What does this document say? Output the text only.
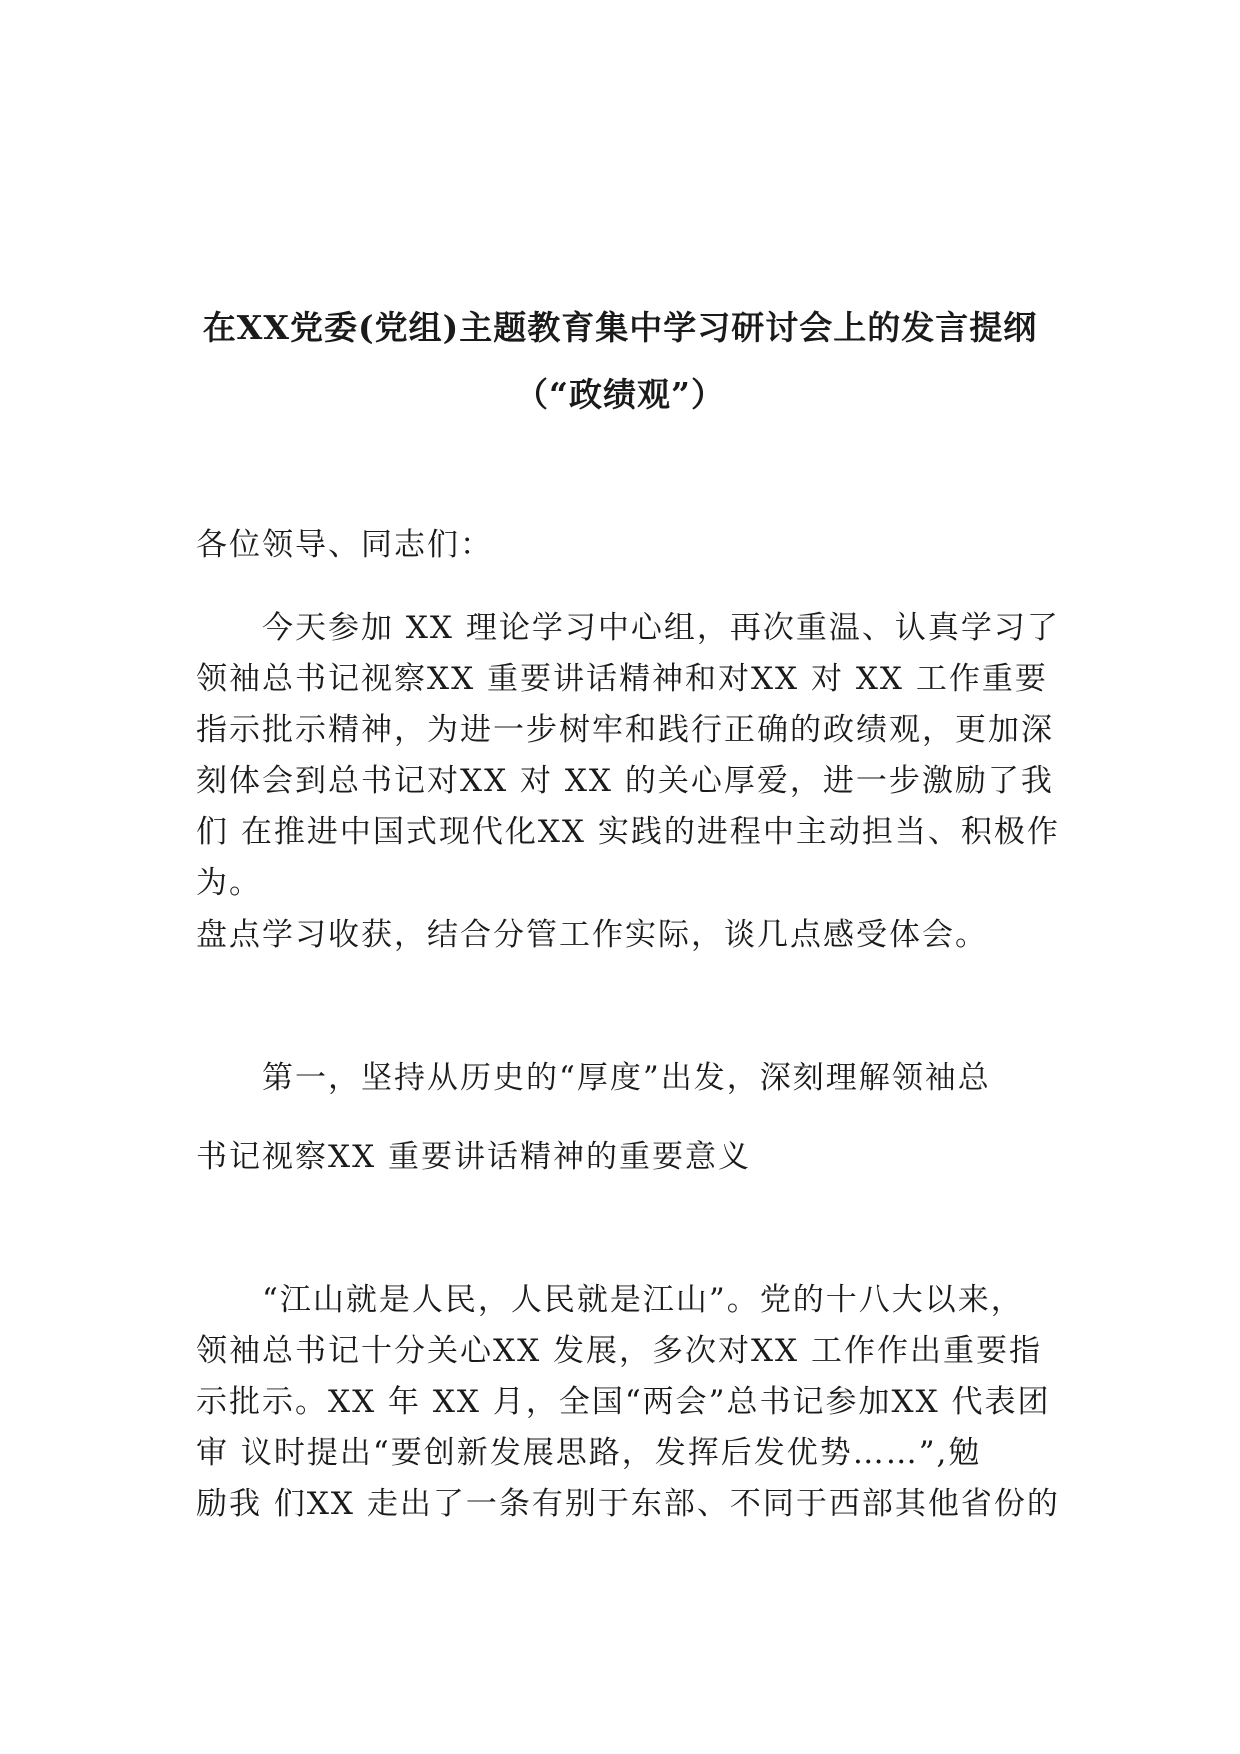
在XX党委(党组)主题教育集中学习研讨会上的发言提纲
（“政绩观”）
各位领导、同志们：
今天参加 XX 理论学习中心组，再次重温、认真学习了
领袖总书记视察XX 重要讲话精神和对XX 对 XX 工作重要
指示批示精神，为进一步树牢和践行正确的政绩观，更加深
刻体会到总书记对XX 对 XX 的关心厚爱，进一步激励了我
们 在推进中国式现代化XX 实践的进程中主动担当、积极作
为。
盘点学习收获，结合分管工作实际，谈几点感受体会。
第一，坚持从历史的“厚度”出发，深刻理解领袖总
书记视察XX 重要讲话精神的重要意义
“江山就是人民，人民就是江山”。党的十八大以来，
领袖总书记十分关心XX 发展，多次对XX 工作作出重要指
示批示。XX 年 XX 月，全国“两会”总书记参加XX 代表团
审 议时提出“要创新发展思路，发挥后发优势……”,勉
励我 们XX 走出了一条有别于东部、不同于西部其他省份的
